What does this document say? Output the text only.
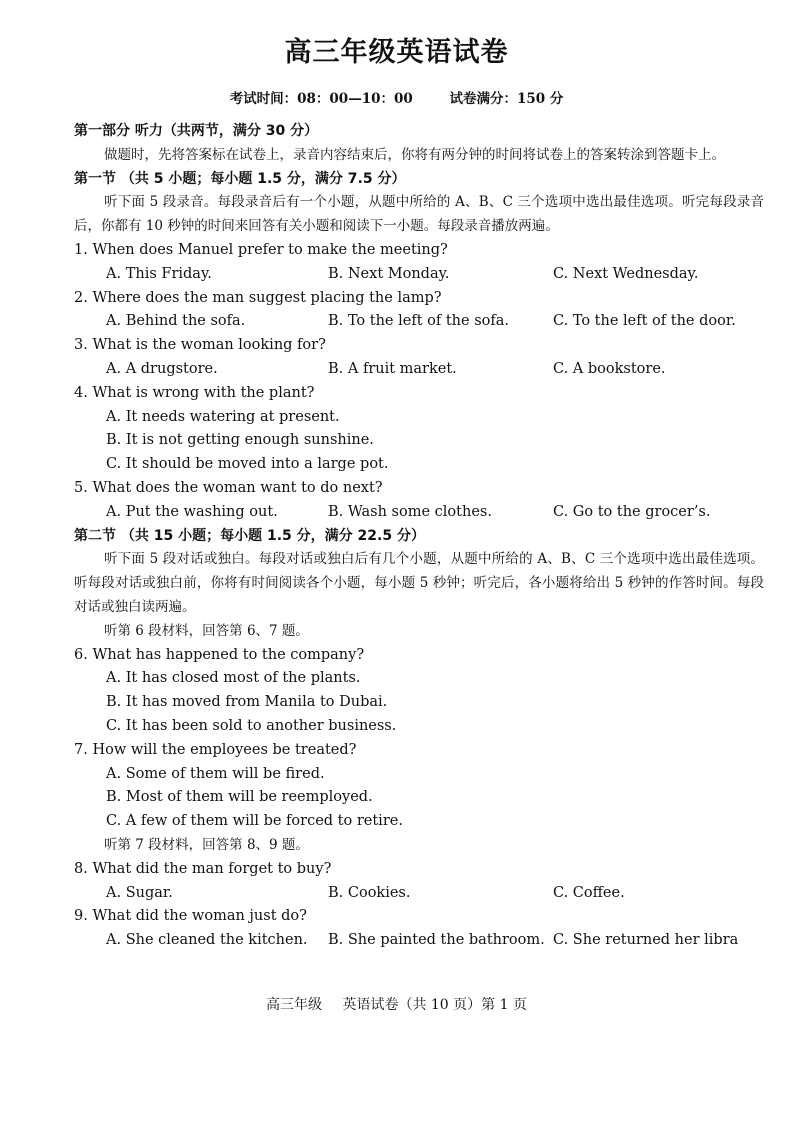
高三年级英语试卷
考试时间：08：00—10：00	试卷满分：150 分
第一部分 听力（共两节，满分 30 分）
做题时，先将答案标在试卷上，录音内容结束后，你将有两分钟的时间将试卷上的答案转涂到答题卡上。
第一节 （共 5 小题；每小题 1.5 分，满分 7.5 分）
听下面 5 段录音。每段录音后有一个小题，从题中所给的 A、B、C 三个选项中选出最佳选项。听完每段录音后，你都有 10 秒钟的时间来回答有关小题和阅读下一小题。每段录音播放两遍。
1. When does Manuel prefer to make the meeting?
A. This Friday.	B. Next Monday.	C. Next Wednesday.
2. Where does the man suggest placing the lamp?
A. Behind the sofa.	B. To the left of the sofa.	C. To the left of the door.
3. What is the woman looking for?
A. A drugstore.	B. A fruit market.	C. A bookstore.
4. What is wrong with the plant?
A. It needs watering at present.
B. It is not getting enough sunshine.
C. It should be moved into a large pot.
5. What does the woman want to do next?
A. Put the washing out.	B. Wash some clothes.	C. Go to the grocer’s.
第二节 （共 15 小题；每小题 1.5 分，满分 22.5 分）
听下面 5 段对话或独白。每段对话或独白后有几个小题，从题中所给的 A、B、C 三个选项中选出最佳选项。听每段对话或独白前，你将有时间阅读各个小题，每小题 5 秒钟；听完后，各小题将给出 5 秒钟的作答时间。每段对话或独白读两遍。
听第 6 段材料，回答第 6、7 题。
6. What has happened to the company?
A. It has closed most of the plants.
B. It has moved from Manila to Dubai.
C. It has been sold to another business.
7. How will the employees be treated?
A. Some of them will be fired.
B. Most of them will be reemployed.
C. A few of them will be forced to retire.
听第 7 段材料，回答第 8、9 题。
8. What did the man forget to buy?
A. Sugar.	B. Cookies.	C. Coffee.
9. What did the woman just do?
A. She cleaned the kitchen.	B. She painted the bathroom. C. She returned her libra
高三年级 英语试卷（共 10 页）第 1 页
